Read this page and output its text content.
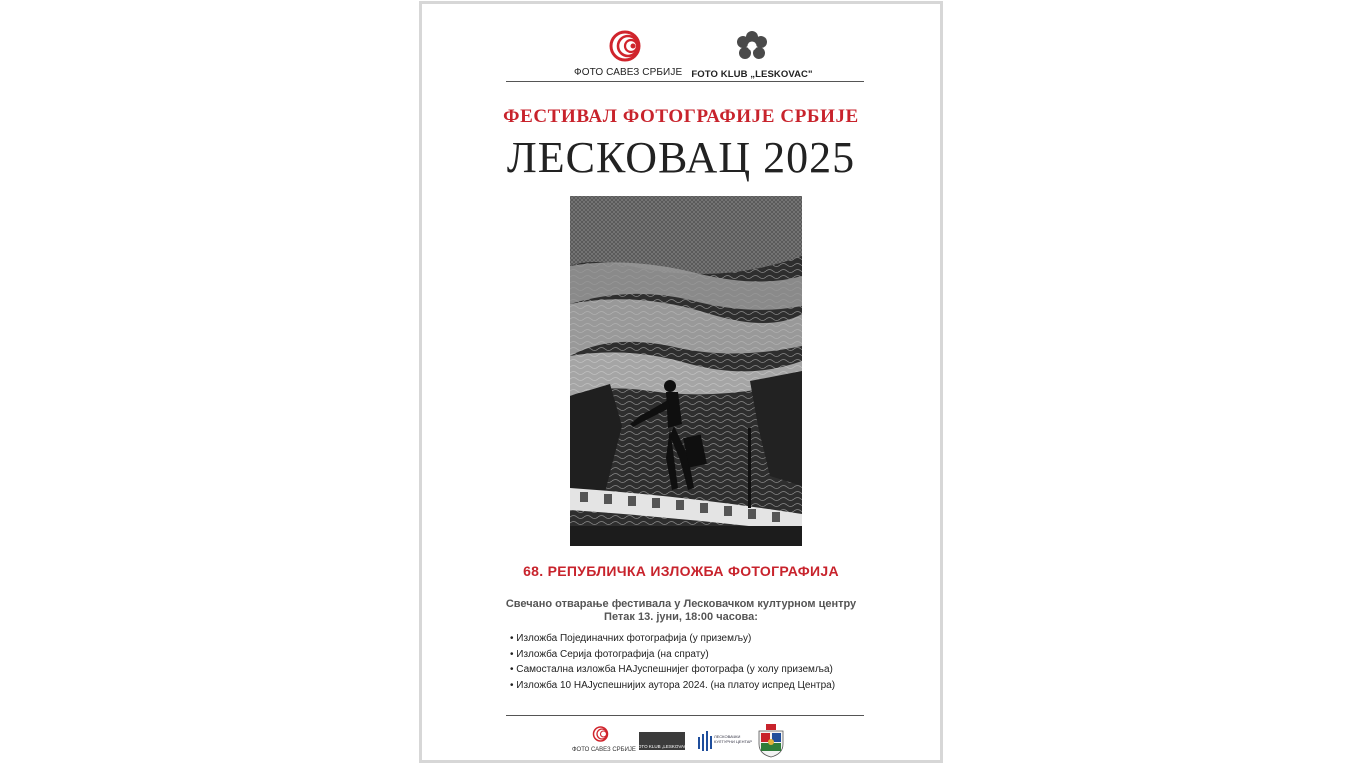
ФОТО САВЕЗ СРБИЈЕ FOTO KLUB „LESKOVAC"
ФЕСТИВАЛ ФОТОГРАФИЈЕ СРБИЈЕ
ЛЕСКОВАЦ 2025
68. РЕПУБЛИЧКА ИЗЛОЖБА ФОТОГРАФИЈА
Свечано отварање фестивала у Лесковачком културном центру
Петак 13. јуни, 18:00 часова:
• Изложба Појединачних фотографија (у приземљу)
• Изложба Серија фотографија (на спрату)
• Самостална изложба НАЈуспешнијег фотографа (у холу приземља)
• Изложба 10 НАЈуспешнијих аутора 2024. (на платоу испред Центра)
ФОТО САВЕЗ СРБИЈЕ
FOTO KLUB „LESKOVAC"
ЛЕСКОВАЧКИ КУЛТУРНИ ЦЕНТАР
